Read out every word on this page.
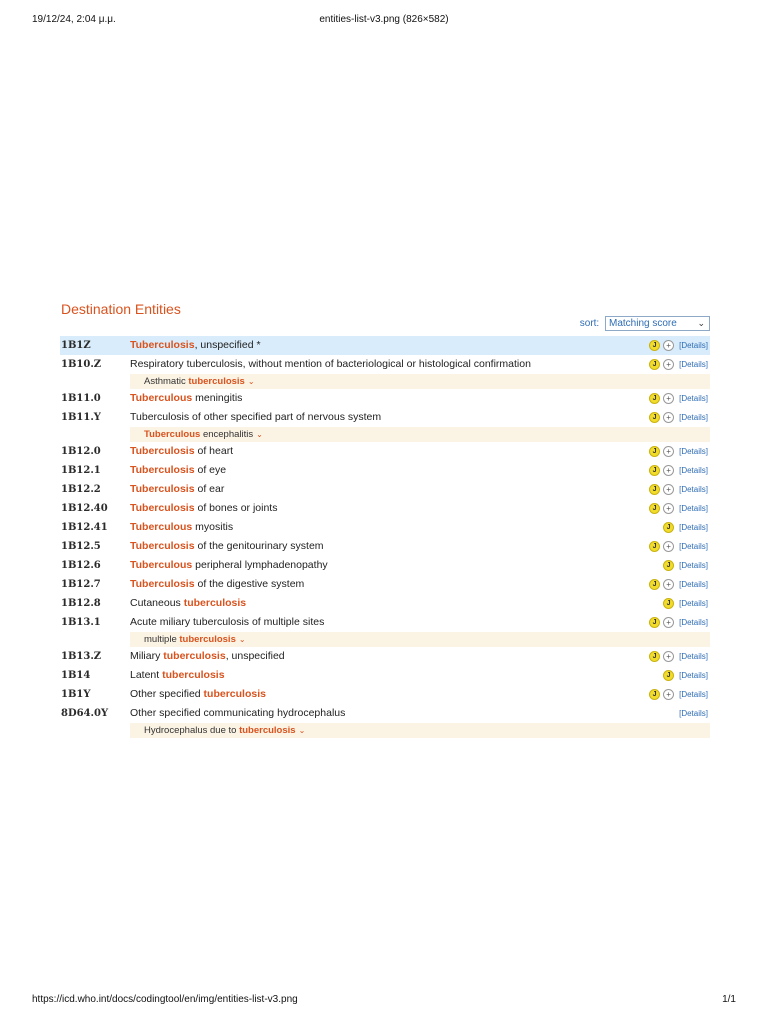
19/12/24, 2:04 μ.μ.	entities-list-v3.png (826×582)
Destination Entities
sort: Matching score ⌄
1B1Z	Tuberculosis, unspecified *	J	+	[Details]
1B10.Z	Respiratory tuberculosis, without mention of bacteriological or histological confirmation	J	+	[Details]
Asthmatic tuberculosis ⌄
1B11.0	Tuberculous meningitis	J	+	[Details]
1B11.Y	Tuberculosis of other specified part of nervous system	J	+	[Details]
Tuberculous encephalitis ⌄
1B12.0	Tuberculosis of heart	J	+	[Details]
1B12.1	Tuberculosis of eye	J	+	[Details]
1B12.2	Tuberculosis of ear	J	+	[Details]
1B12.40 Tuberculosis of bones or joints	J	+	[Details]
1B12.41 Tuberculous myositis	J	[Details]
1B12.5	Tuberculosis of the genitourinary system	J	+	[Details]
1B12.6	Tuberculous peripheral lymphadenopathy	J	[Details]
1B12.7	Tuberculosis of the digestive system	J	+	[Details]
1B12.8	Cutaneous tuberculosis	J	[Details]
1B13.1	Acute miliary tuberculosis of multiple sites	J	+	[Details]
multiple tuberculosis ⌄
1B13.Z	Miliary tuberculosis, unspecified	J	+	[Details]
1B14	Latent tuberculosis	J	[Details]
1B1Y	Other specified tuberculosis	J	+	[Details]
8D64.0Y Other specified communicating hydrocephalus	[Details]
Hydrocephalus due to tuberculosis ⌄
https://icd.who.int/docs/codingtool/en/img/entities-list-v3.png	1/1
